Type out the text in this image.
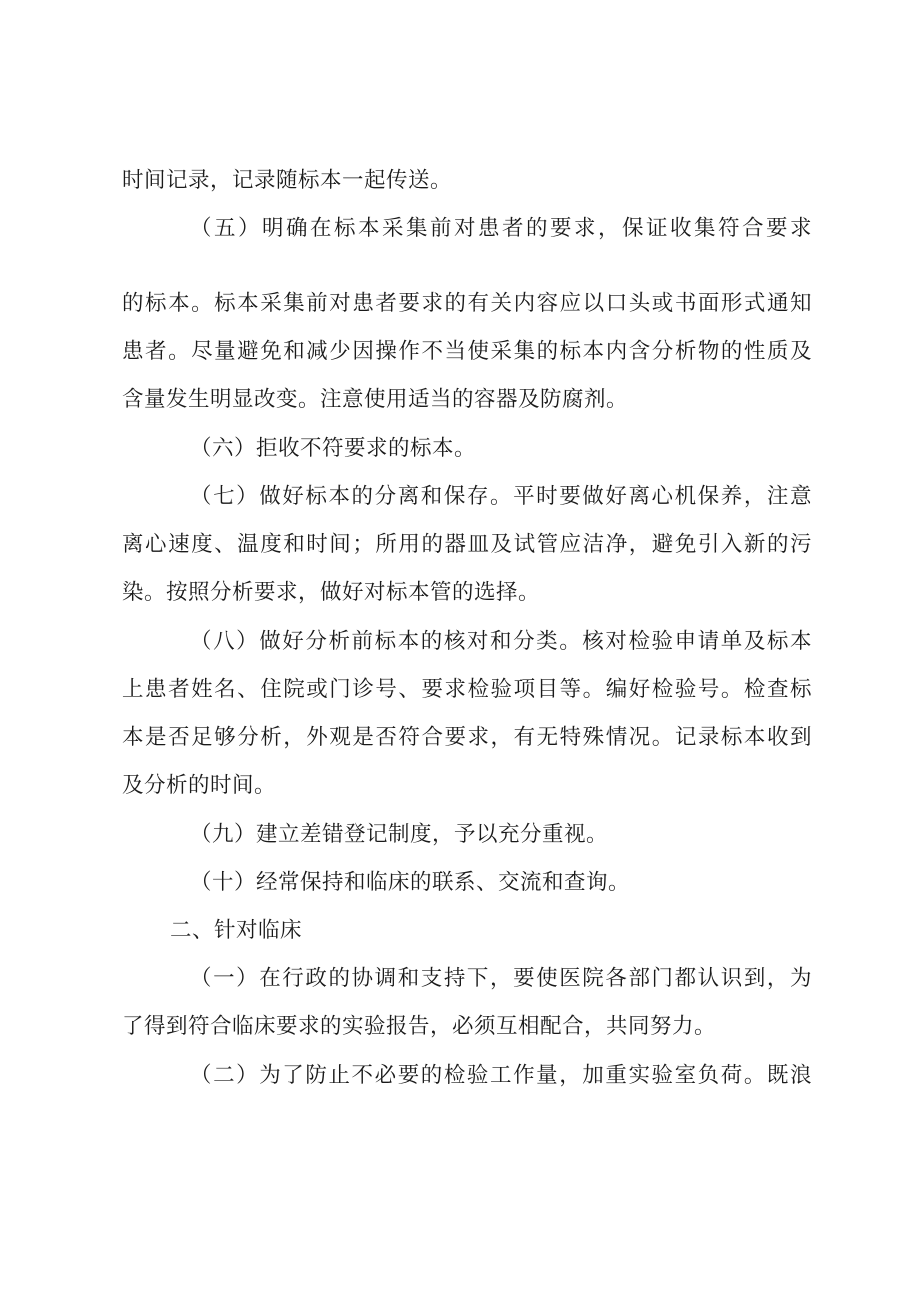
时间记录，记录随标本一起传送。
（五）明确在标本采集前对患者的要求，保证收集符合要求
的标本。标本采集前对患者要求的有关内容应以口头或书面形式通知
患者。尽量避免和减少因操作不当使采集的标本内含分析物的性质及
含量发生明显改变。注意使用适当的容器及防腐剂。
（六）拒收不符要求的标本。
（七）做好标本的分离和保存。平时要做好离心机保养，注意
离心速度、温度和时间；所用的器皿及试管应洁净，避免引入新的污
染。按照分析要求，做好对标本管的选择。
（八）做好分析前标本的核对和分类。核对检验申请单及标本
上患者姓名、住院或门诊号、要求检验项目等。编好检验号。检查标
本是否足够分析，外观是否符合要求，有无特殊情况。记录标本收到
及分析的时间。
（九）建立差错登记制度，予以充分重视。
（十）经常保持和临床的联系、交流和查询。
二、针对临床
（一）在行政的协调和支持下，要使医院各部门都认识到，为
了得到符合临床要求的实验报告，必须互相配合，共同努力。
（二）为了防止不必要的检验工作量，加重实验室负荷。既浪
